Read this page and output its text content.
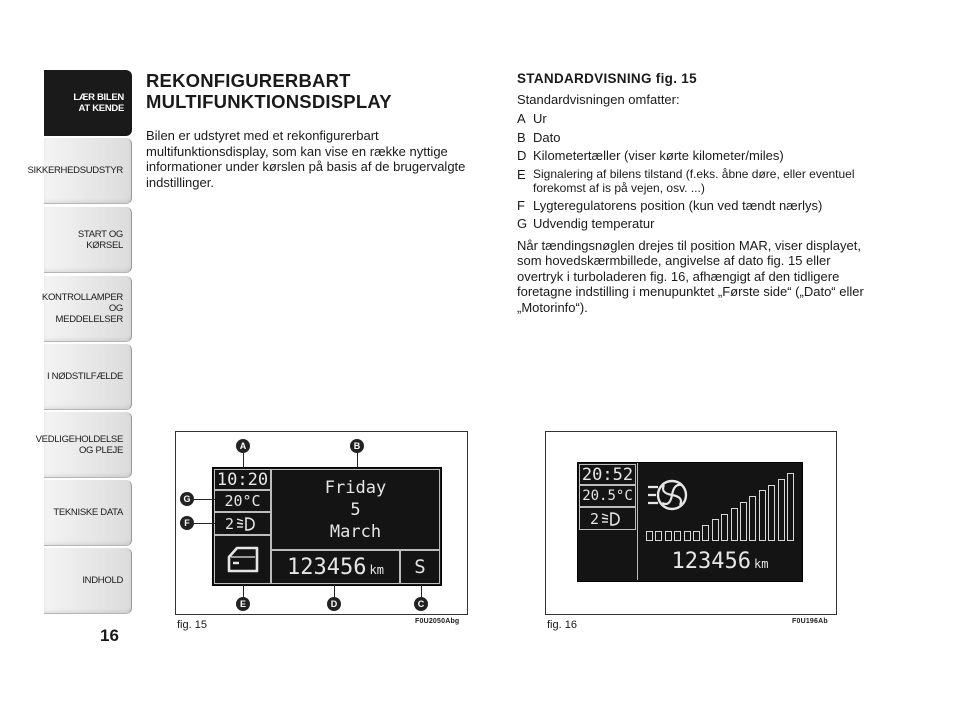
LÆR BILEN
AT KENDE
SIKKERHEDSUDSTYR
START OG KØRSEL
KONTROLLAMPER
OG MEDDELELSER
I NØDSTILFÆLDE
VEDLIGEHOLDELSE
OG PLEJE
TEKNISKE DATA
INDHOLD
16
REKONFIGURERBART
MULTIFUNKTIONSDISPLAY

Bilen er udstyret med et rekonfigurerbart multifunktionsdisplay, som kan vise en række nyttige informationer under kørslen på basis af de brugervalgte indstillinger.

STANDARDVISNING fig. 15
Standardvisningen omfatter:
A Ur
B Dato
D Kilometertæller (viser kørte kilometer/miles)
E Signalering af bilens tilstand (f.eks. åbne døre, eller eventuel forekomst af is på vejen, osv. ...)
F Lygteregulatorens position (kun ved tændt nærlys)
G Udvendig temperatur

Når tændingsnøglen drejes til position MAR, viser displayet, som hovedskærmbillede, angivelse af dato fig. 15 eller overtryk i turboladeren fig. 16, afhængigt af den tidligere foretagne indstilling i menupunktet „Første side“ („Dato“ eller „Motorinfo“).

10:20
20°C
2
Friday
5
March
123456 km	S
A	B
G
F
E	D	C
fig. 15	F0U2050Abg
20:52
20.5°C
2
123456 km
fig. 16	F0U196Ab
